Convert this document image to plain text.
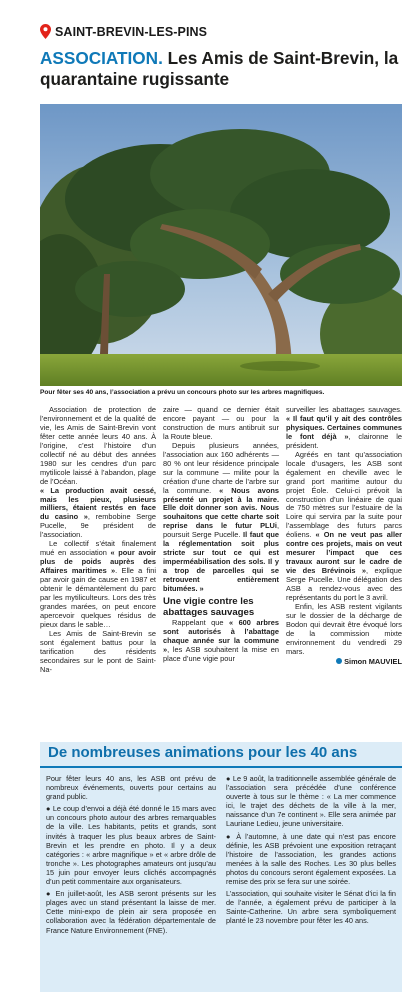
SAINT-BREVIN-LES-PINS
ASSOCIATION. Les Amis de Saint-Brevin, la quarantaine rugissante
Pour fêter ses 40 ans, l’association a prévu un concours photo sur les arbres magnifiques.

Association de protection de l’environnement et de la qualité de vie, les Amis de Saint-Brevin vont fêter cette année leurs 40 ans. À l’origine, c’est l’histoire d’un collectif né au début des années 1980 sur les cendres d’un parc mytilicole laissé à l’abandon, plage de l’Océan.

« La production avait cessé, mais les pieux, plusieurs milliers, étaient restés en face du casino », rembobine Serge Pucelle, 9e président de l’association.

Le collectif s’était finalement mué en association « pour avoir plus de poids auprès des Affaires maritimes ». Elle a fini par avoir gain de cause en 1987 et obtenir le démantèlement du parc par les mytiliculteurs. Lors des très grandes marées, on peut encore apercevoir quelques résidus de pieux dans le sable…

Les Amis de Saint-Brevin se sont également battus pour la tarification des résidents secondaires sur le pont de Saint-Na-

zaire — quand ce dernier était encore payant — ou pour la construction de murs antibruit sur la Route bleue.

Depuis plusieurs années, l’association aux 160 adhérents — 80 % ont leur résidence principale sur la commune — milite pour la création d’une charte de l’arbre sur la commune. « Nous avons présenté un projet à la maire. Elle doit donner son avis. Nous souhaitons que cette charte soit reprise dans le futur PLUi, poursuit Serge Pucelle. Il faut que la réglementation soit plus stricte sur tout ce qui est imperméabilisation des sols. Il y a trop de parcelles qui se retrouvent entièrement bitumées. »

Une vigie contre les abattages sauvages

Rappelant que « 600 arbres sont autorisés à l’abattage chaque année sur la commune », les ASB souhaitent la mise en place d’une vigie pour

surveiller les abattages sauvages. « Il faut qu’il y ait des contrôles physiques. Certaines communes le font déjà », claironne le président.

Agréés en tant qu’association locale d’usagers, les ASB sont également en cheville avec le grand port maritime autour du projet Éole. Celui-ci prévoit la construction d’un linéaire de quai de 750 mètres sur l’estuaire de la Loire qui servira par la suite pour l’assemblage des futurs parcs éoliens. « On ne veut pas aller contre ces projets, mais on veut mesurer l’impact que ces travaux auront sur le cadre de vie des Brévinois », explique Serge Pucelle. Une délégation des ASB a rendez-vous avec des représentants du port le 3 avril.

Enfin, les ASB restent vigilants sur le dossier de la décharge de Bodon qui devrait être évoqué lors de la commission mixte environnement du vendredi 29 mars.

Simon MAUVIEL
De nombreuses animations pour les 40 ans

Pour fêter leurs 40 ans, les ASB ont prévu de nombreux événements, ouverts pour certains au grand public.

● Le coup d’envoi a déjà été donné le 15 mars avec un concours photo autour des arbres remarquables de la ville. Les habitants, petits et grands, sont invités à traquer les plus beaux arbres de Saint-Brevin et les prendre en photo. Il y a deux catégories : « arbre magnifique » et « arbre drôle de tronche ». Les photographes amateurs ont jusqu’au 15 juin pour envoyer leurs clichés accompagnés d’un petit commentaire aux organisateurs.

● En juillet-août, les ASB seront présents sur les plages avec un stand présentant la laisse de mer. Cette mini-expo de plein air sera proposée en collaboration avec la fédération départementale de France Nature Environnement (FNE).

● Le 9 août, la traditionnelle assemblée générale de l’association sera précédée d’une conférence ouverte à tous sur le thème : « La mer commence ici, le trajet des déchets de la ville à la mer, naissance d’un 7e continent ». Elle sera animée par Lauriane Ledieu, jeune universitaire.

● À l’automne, à une date qui n’est pas encore définie, les ASB prévoient une exposition retraçant l’histoire de l’association, les grandes actions menées à la salle des Roches. Les 30 plus belles photos du concours seront également exposées. La remise des prix se fera sur une soirée.

L’association, qui souhaite visiter le Sénat d’ici la fin de l’année, a également prévu de participer à la Sainte-Catherine. Un arbre sera symboliquement planté le 23 novembre pour fêter les 40 ans.
